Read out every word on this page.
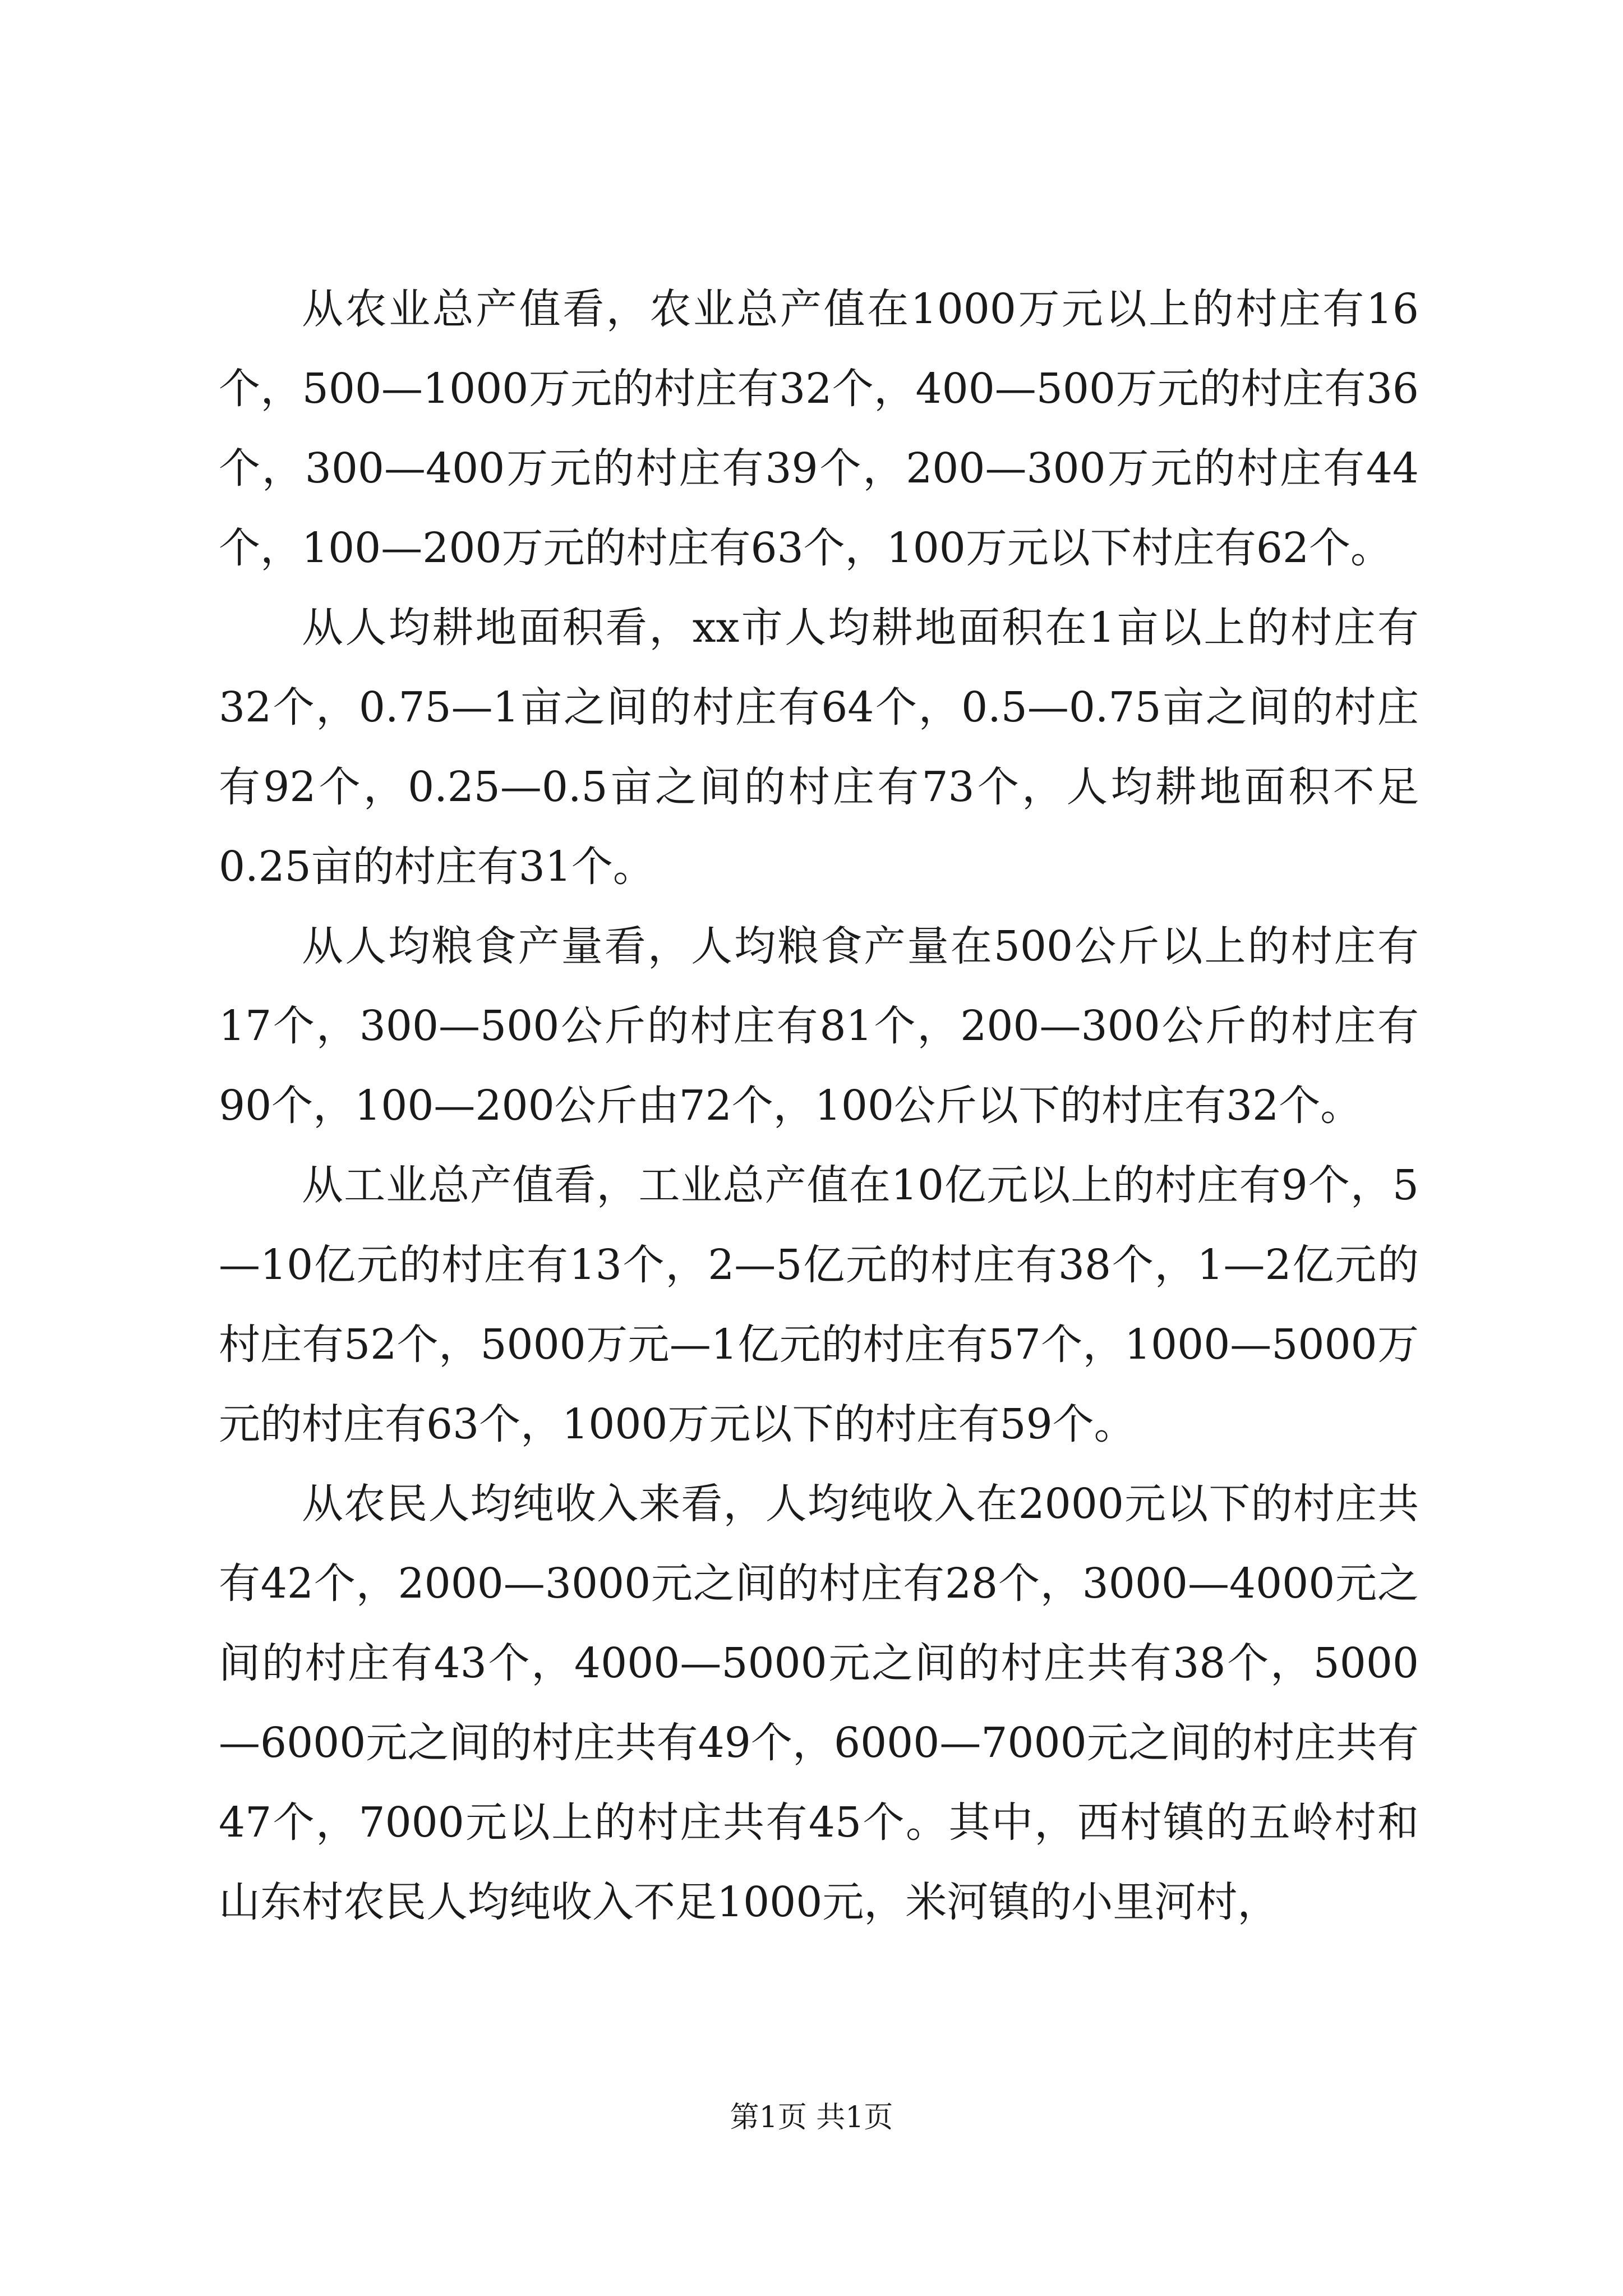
从农业总产值看，农业总产值在1000万元以上的村庄有16个，500—1000万元的村庄有32个，400—500万元的村庄有36个，300—400万元的村庄有39个，200—300万元的村庄有44个，100—200万元的村庄有63个，100万元以下村庄有62个。

从人均耕地面积看，xx市人均耕地面积在1亩以上的村庄有32个，0.75—1亩之间的村庄有64个，0.5—0.75亩之间的村庄有92个，0.25—0.5亩之间的村庄有73个，人均耕地面积不足0.25亩的村庄有31个。

从人均粮食产量看，人均粮食产量在500公斤以上的村庄有17个，300—500公斤的村庄有81个，200—300公斤的村庄有90个，100—200公斤由72个，100公斤以下的村庄有32个。

从工业总产值看，工业总产值在10亿元以上的村庄有9个，5—10亿元的村庄有13个，2—5亿元的村庄有38个，1—2亿元的村庄有52个，5000万元—1亿元的村庄有57个，1000—5000万元的村庄有63个，1000万元以下的村庄有59个。

从农民人均纯收入来看，人均纯收入在2000元以下的村庄共有42个，2000—3000元之间的村庄有28个，3000—4000元之间的村庄有43个，4000—5000元之间的村庄共有38个，5000—6000元之间的村庄共有49个，6000—7000元之间的村庄共有47个，7000元以上的村庄共有45个。其中，西村镇的五岭村和山东村农民人均纯收入不足1000元，米河镇的小里河村，

第1页 共1页
